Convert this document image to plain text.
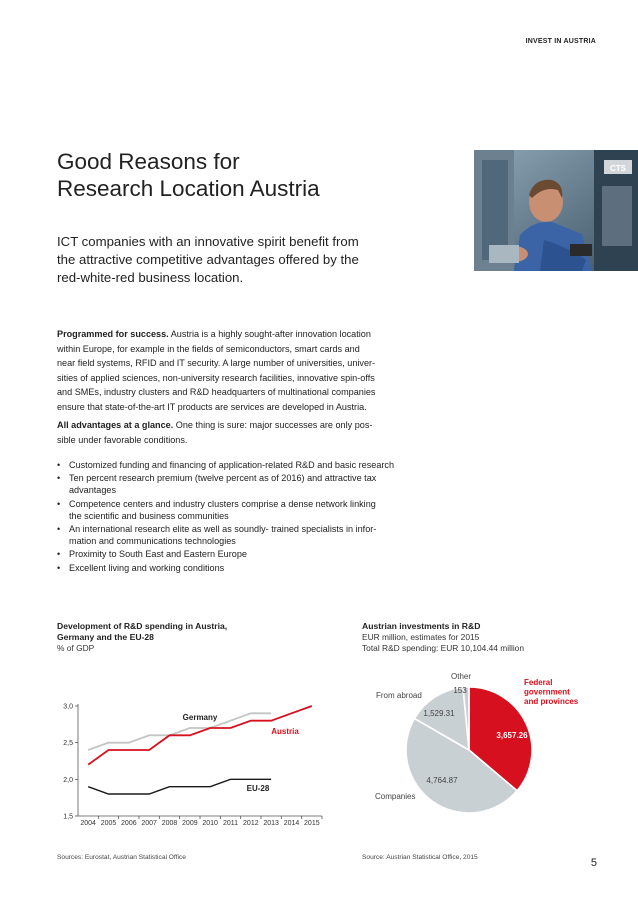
INVEST IN AUSTRIA
Good Reasons for
Research Location Austria
ICT companies with an innovative spirit benefit from
the attractive competitive advantages offered by the
red-white-red business location.
CTS
Programmed for success. Austria is a highly sought-after innovation location
within Europe, for example in the fields of semiconductors, smart cards and
near field systems, RFID and IT security. A large number of universities, univer-
sities of applied sciences, non-university research facilities, innovative spin-offs
and SMEs, industry clusters and R&D headquarters of multinational companies
ensure that state-of-the-art IT products are services are developed in Austria.
All advantages at a glance. One thing is sure: major successes are only pos-
sible under favorable conditions.
• Customized funding and financing of application-related R&D and basic research
• Ten percent research premium (twelve percent as of 2016) and attractive tax
advantages
• Competence centers and industry clusters comprise a dense network linking
the scientific and business communities
• An international research elite as well as soundly- trained specialists in infor-
mation and communications technologies
• Proximity to South East and Eastern Europe
• Excellent living and working conditions
Development of R&D spending in Austria,
Germany and the EU-28
% of GDP
3,0
2,5
2,0
1,5
2004 2005 2006 2007 2008 2009 2010 2011 2012 2013 2014 2015
Germany
Austria
EU-28
Austrian investments in R&D
EUR million, estimates for 2015
Total R&D spending: EUR 10,104.44 million
3,657.26
4,764.87
1,529.31
153
Federal
government
and provinces
Companies
From abroad
Other
Sources: Eurostat, Austrian Statistical Office	Source: Austrian Statistical Office, 2015	5
